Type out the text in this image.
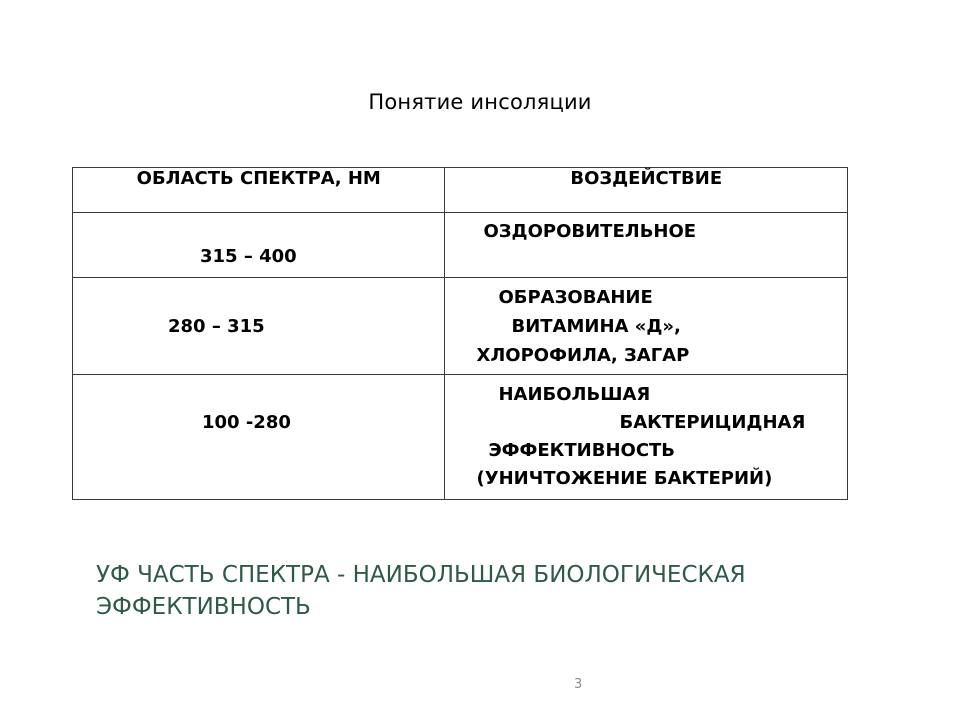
Понятие инсоляции
ОБЛАСТЬ СПЕКТРА, НМ	ВОЗДЕЙСТВИЕ

315 – 400	ОЗДОРОВИТЕЛЬНОЕ

280 – 315	ОБРАЗОВАНИЕ
ВИТАМИНА «Д»,
ХЛОРОФИЛА, ЗАГАР

100 -280	НАИБОЛЬШАЯ
БАКТЕРИЦИДНАЯ
ЭФФЕКТИВНОСТЬ
(УНИЧТОЖЕНИЕ БАКТЕРИЙ)
УФ ЧАСТЬ СПЕКТРА - НАИБОЛЬШАЯ БИОЛОГИЧЕСКАЯ
ЭФФЕКТИВНОСТЬ
3
